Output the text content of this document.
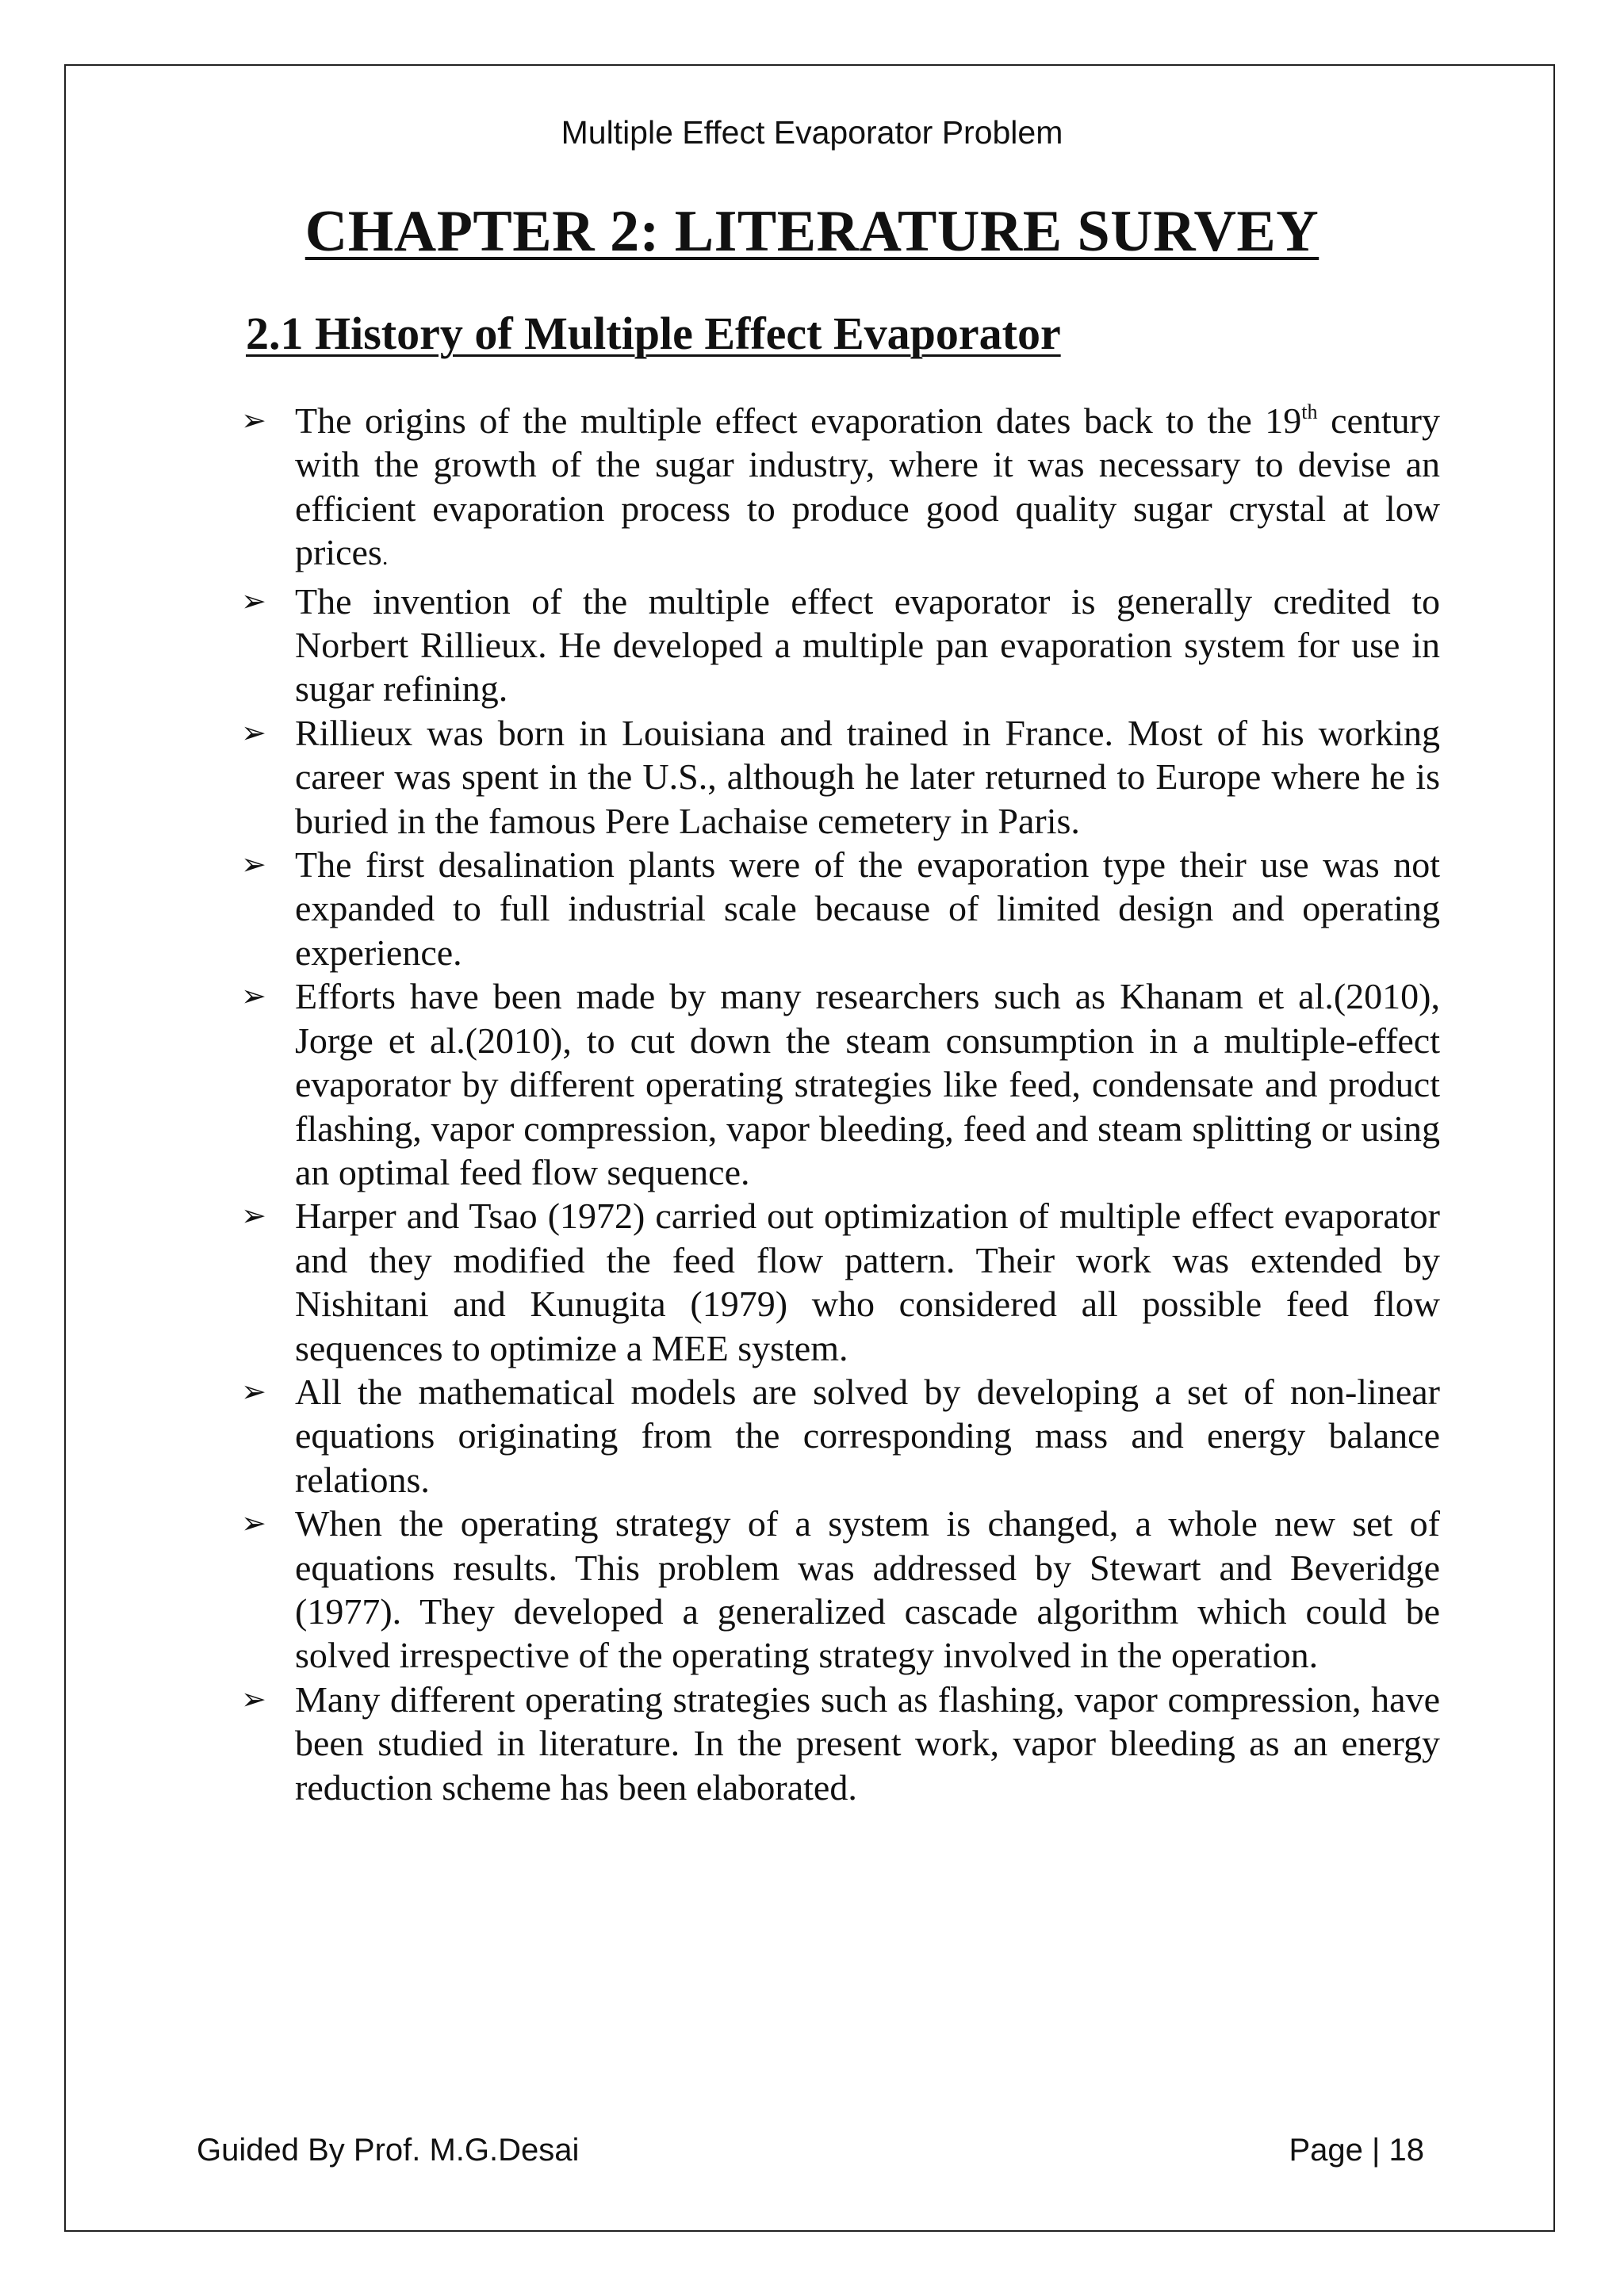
Multiple Effect Evaporator Problem
CHAPTER 2: LITERATURE SURVEY
2.1 History of Multiple Effect Evaporator
➢ The origins of the multiple effect evaporation dates back to the 19th century with the growth of the sugar industry, where it was necessary to devise an efficient evaporation process to produce good quality sugar crystal at low prices.
➢ The invention of the multiple effect evaporator is generally credited to Norbert Rillieux. He developed a multiple pan evaporation system for use in sugar refining.
➢ Rillieux was born in Louisiana and trained in France. Most of his working career was spent in the U.S., although he later returned to Europe where he is buried in the famous Pere Lachaise cemetery in Paris.
➢ The first desalination plants were of the evaporation type their use was not expanded to full industrial scale because of limited design and operating experience.
➢ Efforts have been made by many researchers such as Khanam et al.(2010), Jorge et al.(2010), to cut down the steam consumption in a multiple-effect evaporator by different operating strategies like feed, condensate and product flashing, vapor compression, vapor bleeding, feed and steam splitting or using an optimal feed flow sequence.
➢ Harper and Tsao (1972) carried out optimization of multiple effect evaporator and they modified the feed flow pattern. Their work was extended by Nishitani and Kunugita (1979) who considered all possible feed flow sequences to optimize a MEE system.
➢ All the mathematical models are solved by developing a set of non-linear equations originating from the corresponding mass and energy balance relations.
➢ When the operating strategy of a system is changed, a whole new set of equations results. This problem was addressed by Stewart and Beveridge (1977). They developed a generalized cascade algorithm which could be solved irrespective of the operating strategy involved in the operation.
➢ Many different operating strategies such as flashing, vapor compression, have been studied in literature. In the present work, vapor bleeding as an energy reduction scheme has been elaborated.
Guided By Prof. M.G.Desai	Page | 18
